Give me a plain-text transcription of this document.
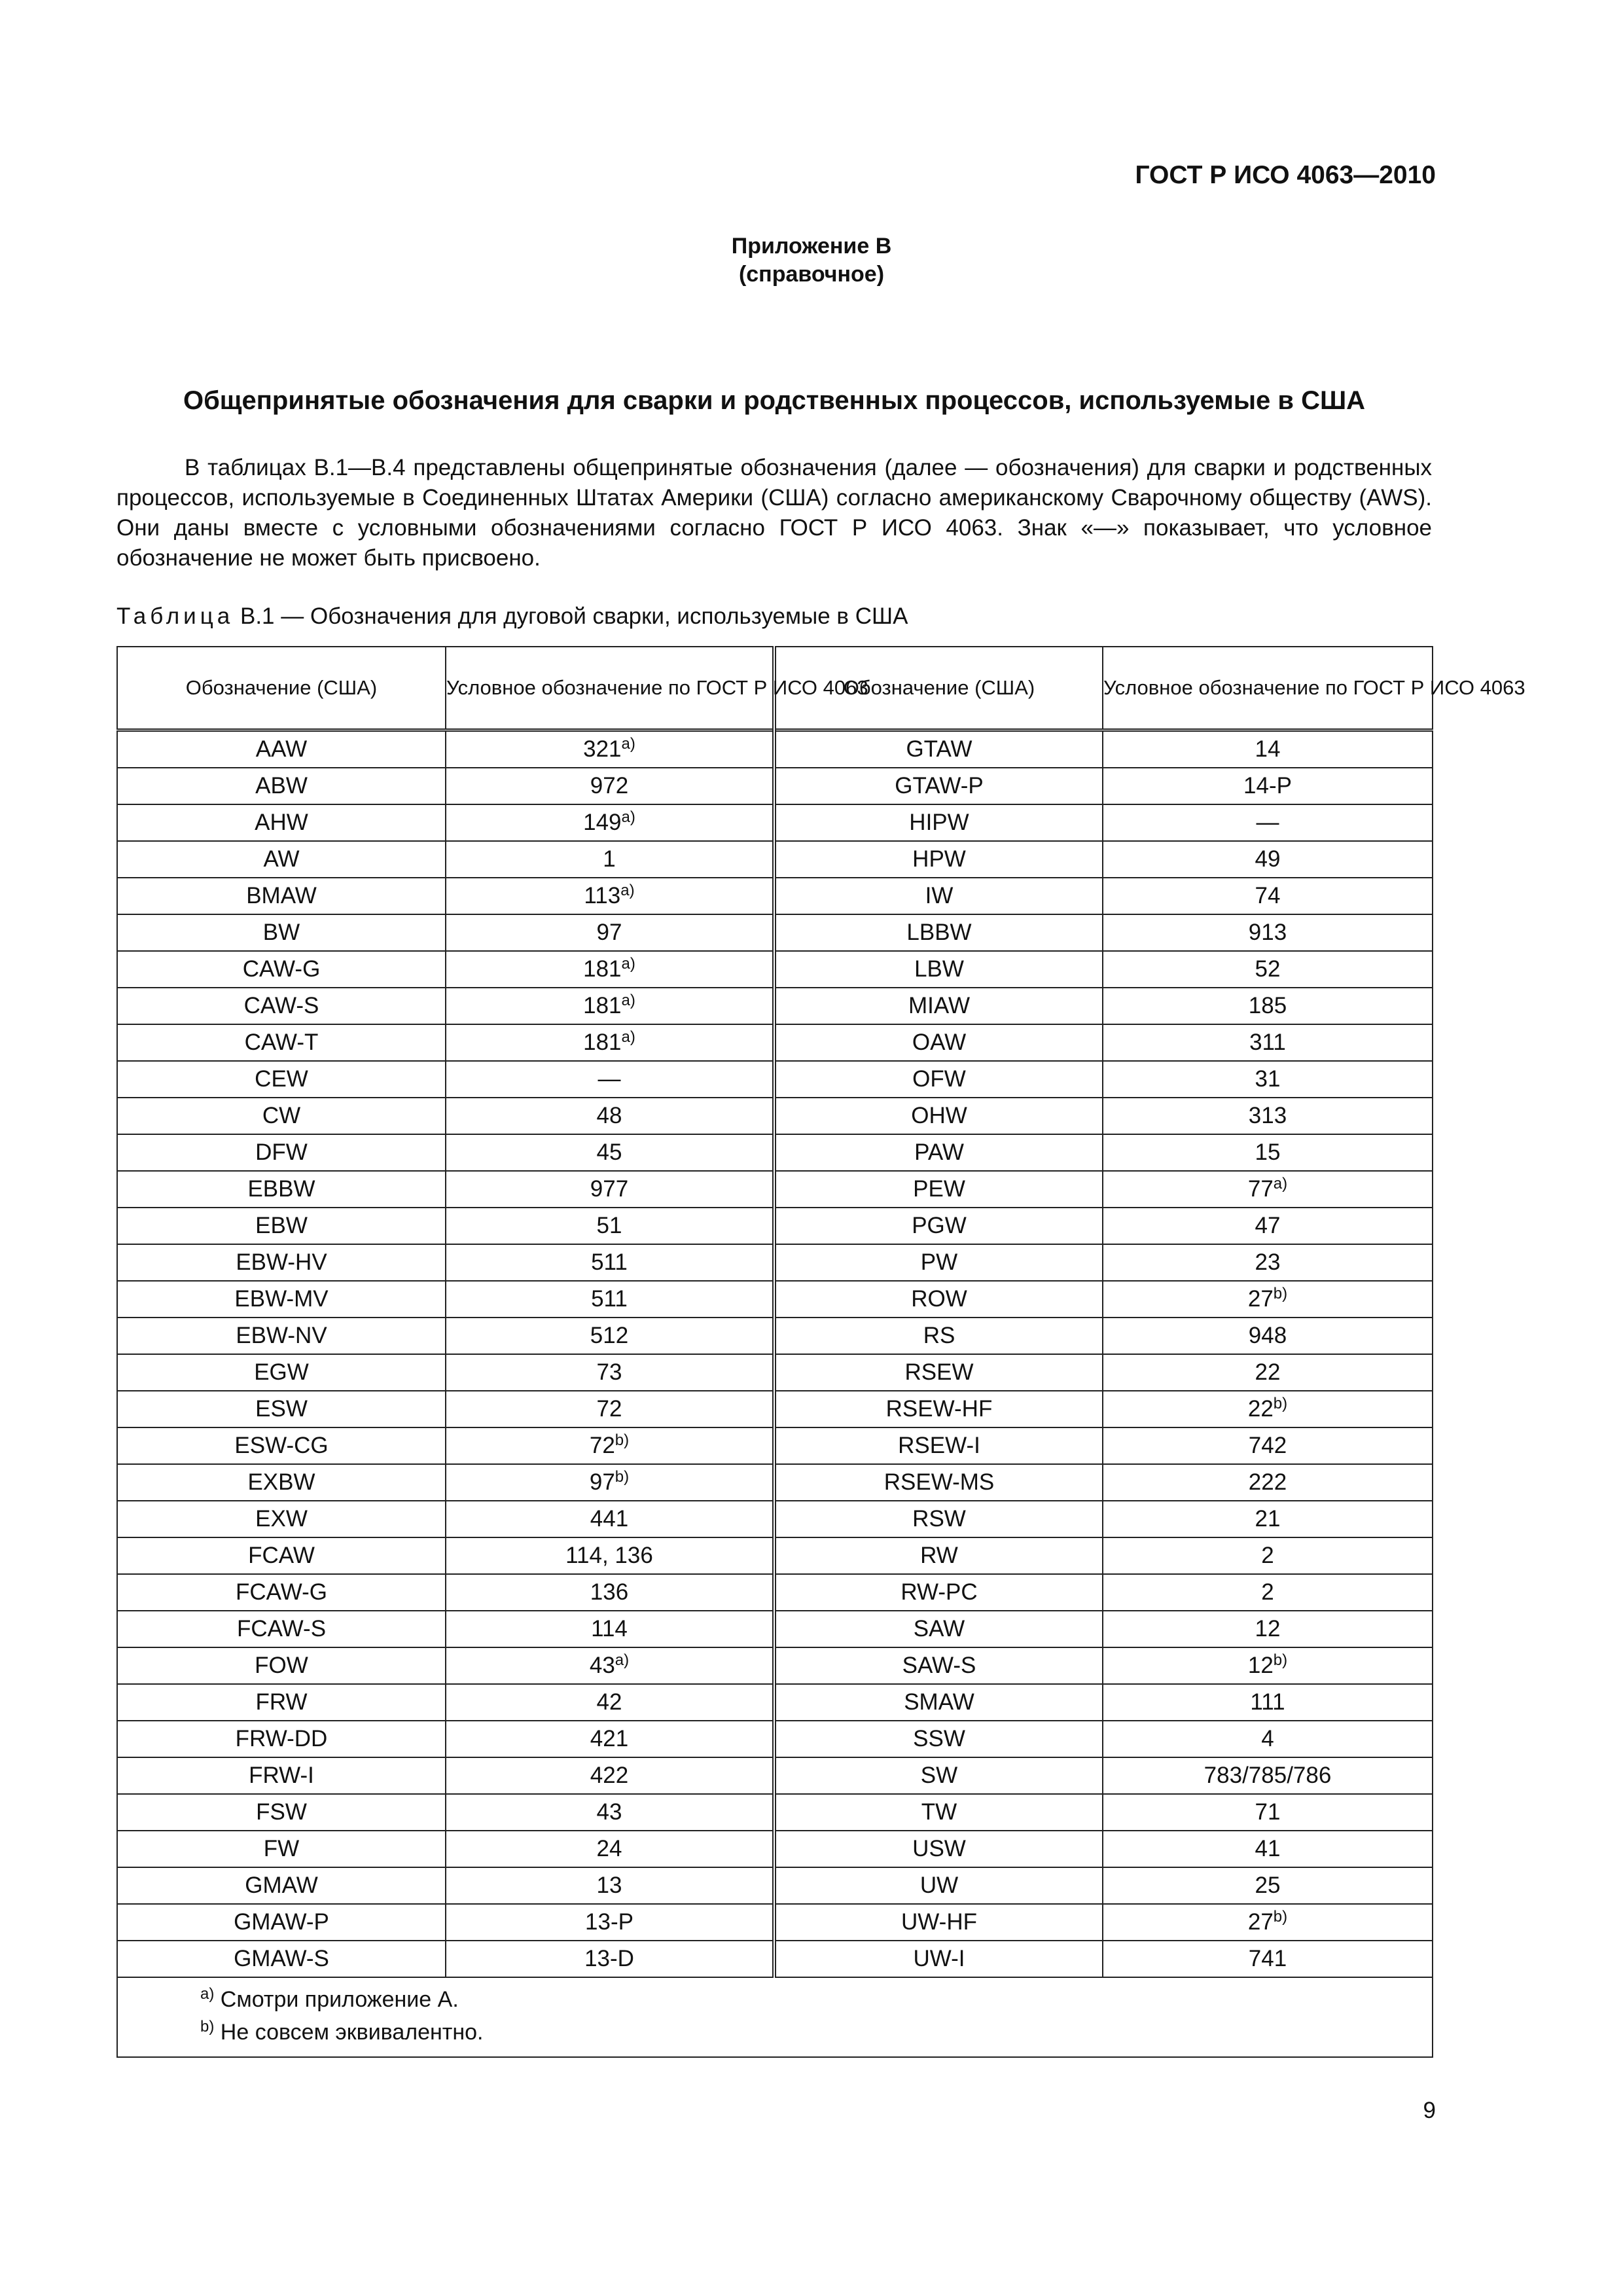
ГОСТ Р ИСО 4063—2010
Приложение В
(справочное)
Общепринятые обозначения для сварки и родственных процессов, используемые в США

В таблицах В.1—В.4 представлены общепринятые обозначения (далее — обозначения) для сварки и родственных процессов, используемые в Соединенных Штатах Америки (США) согласно американскому Сварочному обществу (AWS). Они даны вместе с условными обозначениями согласно ГОСТ Р ИСО 4063. Знак «—» показывает, что условное обозначение не может быть присвоено.

Таблица В.1 — Обозначения для дуговой сварки, используемые в США
Обозначение (США)	Условное обозначение по ГОСТ Р ИСО 4063	Обозначение (США)	Условное обозначение по ГОСТ Р ИСО 4063
AAW	321$^{a)}$	GTAW	14
ABW	972	GTAW-P	14-P
AHW	149$^{a)}$	HIPW	—
AW	1	HPW	49
BMAW	113$^{a)}$	IW	74
BW	97	LBBW	913
CAW-G	181$^{a)}$	LBW	52
CAW-S	181$^{a)}$	MIAW	185
CAW-T	181$^{a)}$	OAW	311
CEW	—	OFW	31
CW	48	OHW	313
DFW	45	PAW	15
EBBW	977	PEW	77$^{a)}$
EBW	51	PGW	47
EBW-HV	511	PW	23
EBW-MV	511	ROW	27$^{b)}$
EBW-NV	512	RS	948
EGW	73	RSEW	22
ESW	72	RSEW-HF	22$^{b)}$
ESW-CG	72$^{b)}$	RSEW-I	742
EXBW	97$^{b)}$	RSEW-MS	222
EXW	441	RSW	21
FCAW	114, 136	RW	2
FCAW-G	136	RW-PC	2
FCAW-S	114	SAW	12
FOW	43$^{a)}$	SAW-S	12$^{b)}$
FRW	42	SMAW	111
FRW-DD	421	SSW	4
FRW-I	422	SW	783/785/786
FSW	43	TW	71
FW	24	USW	41
GMAW	13	UW	25
GMAW-P	13-P	UW-HF	27$^{b)}$
GMAW-S	13-D	UW-I	741

$^{a)}$ Смотри приложение А.
$^{b)}$ Не совсем эквивалентно.			
9
